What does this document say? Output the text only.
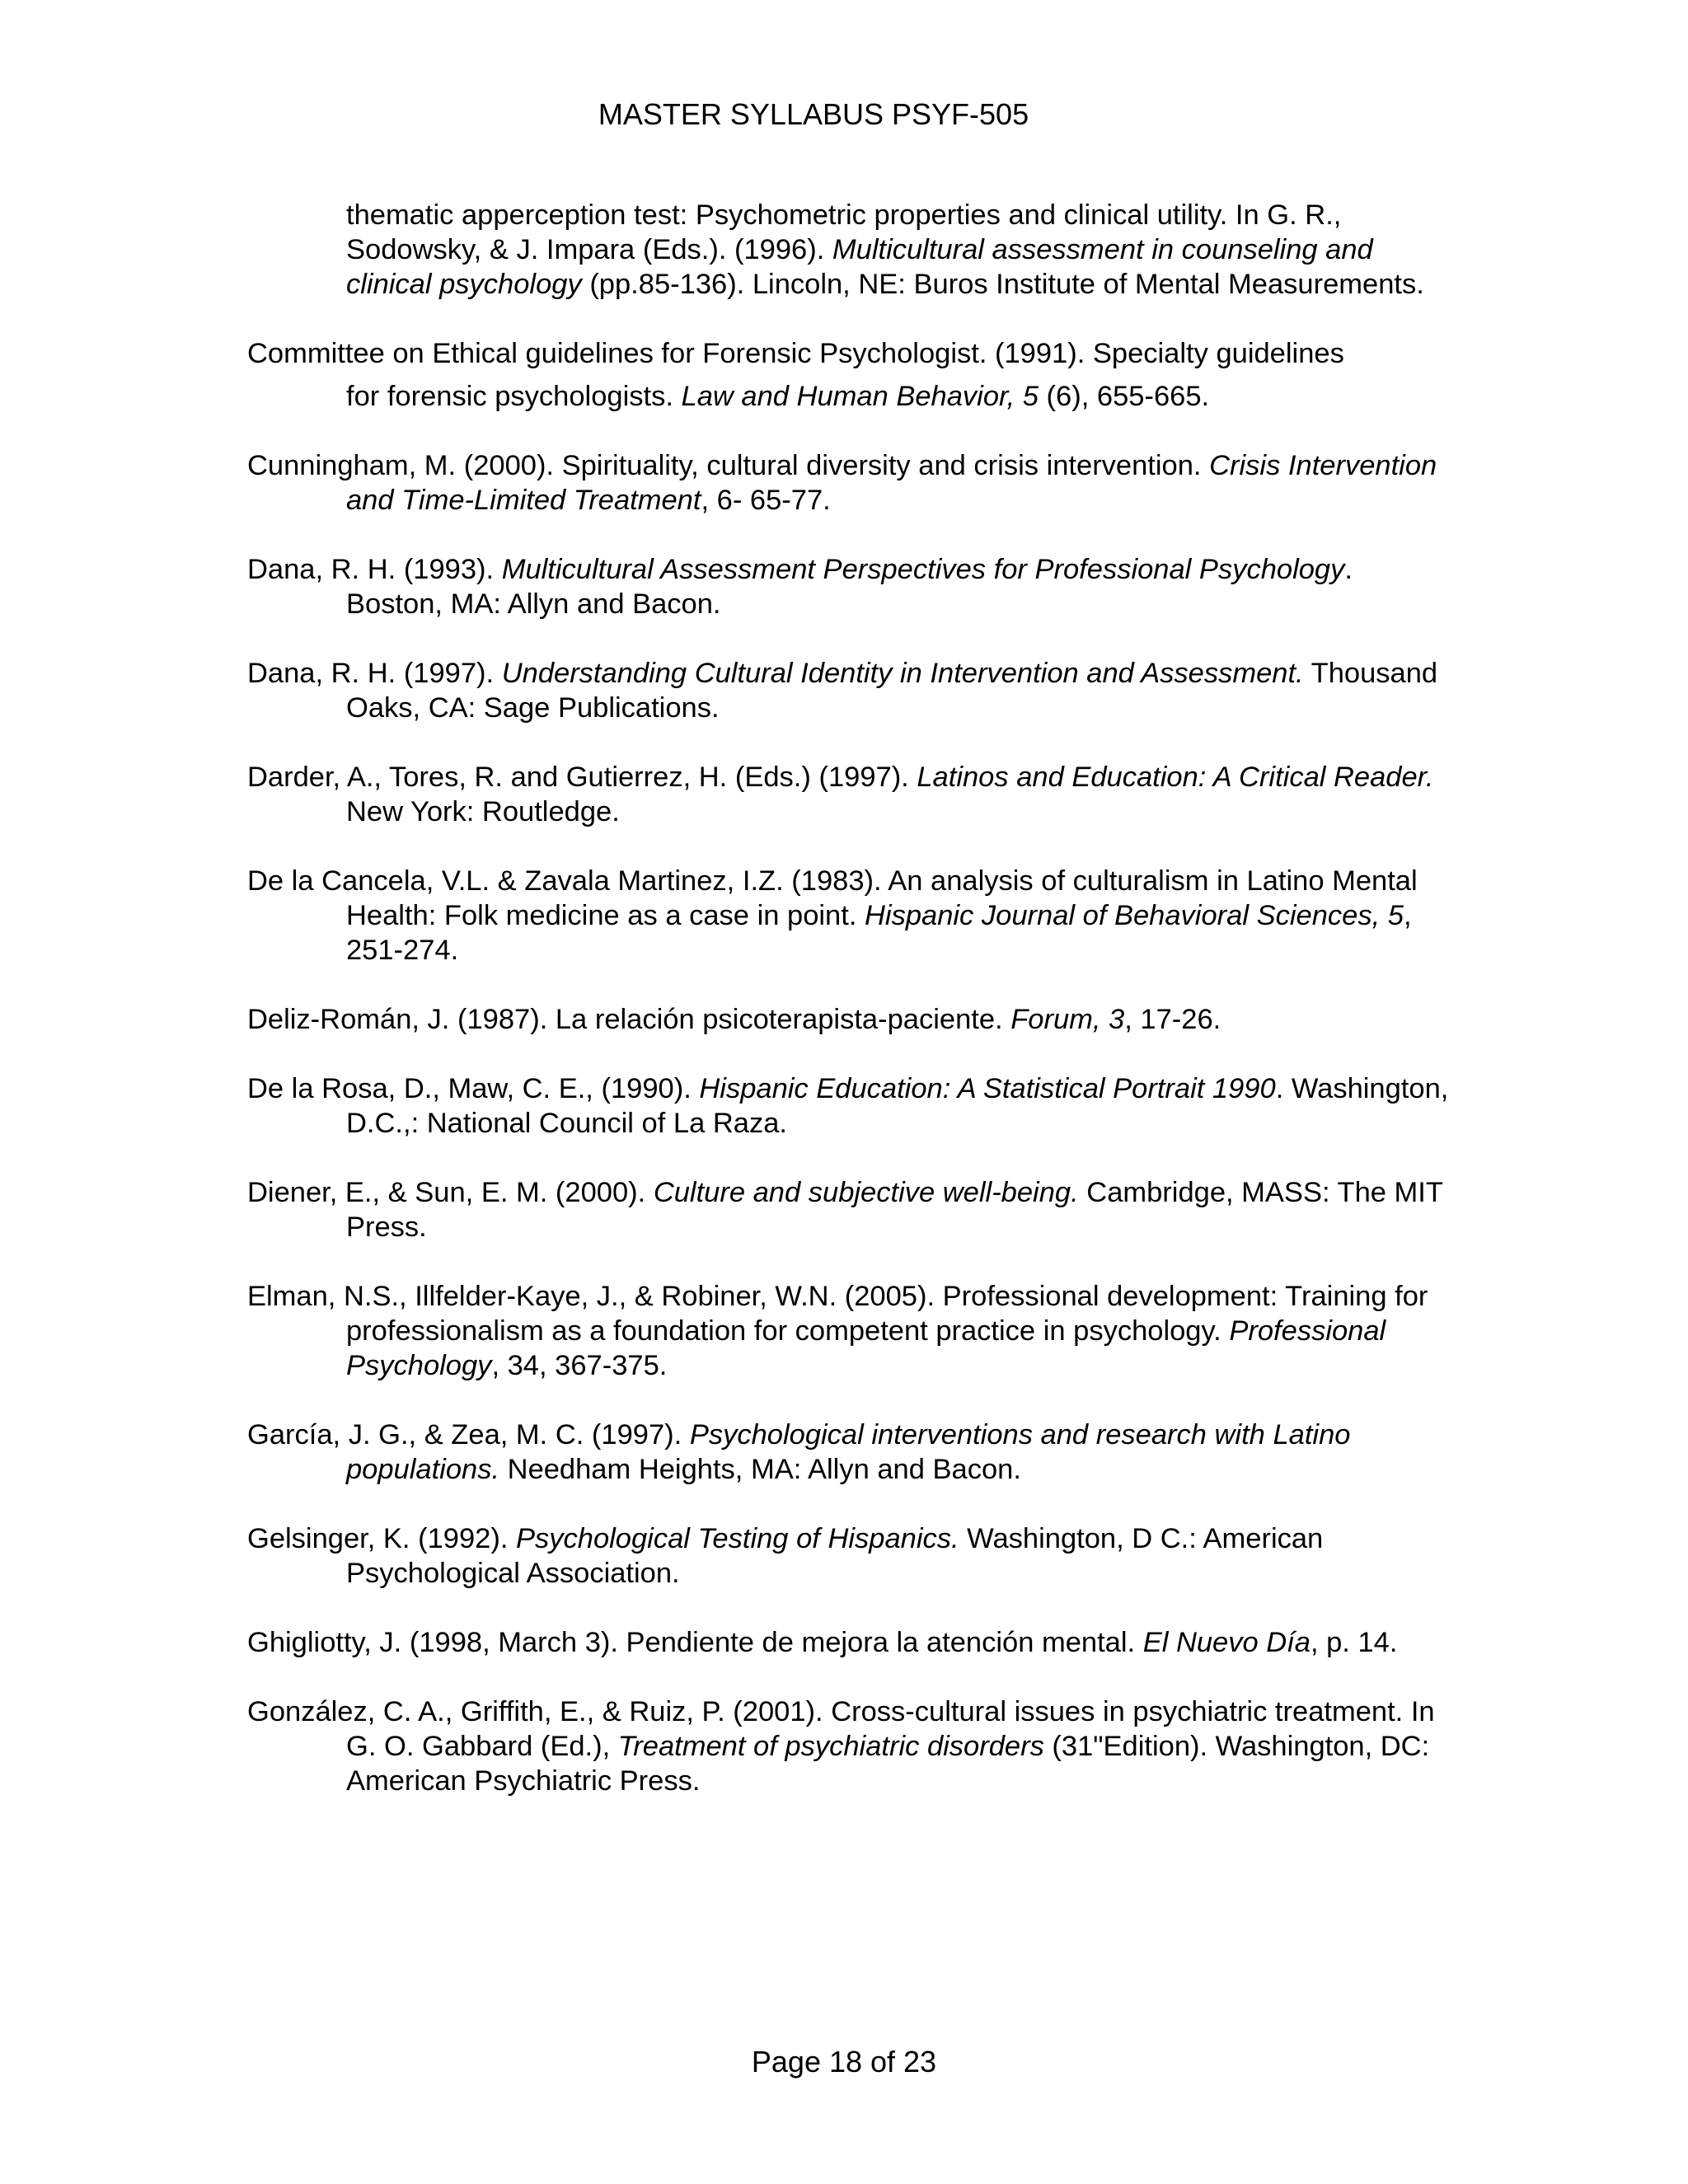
MASTER SYLLABUS PSYF-505

thematic apperception test: Psychometric properties and clinical utility. In G. R., Sodowsky, & J. Impara (Eds.). (1996). Multicultural assessment in counseling and clinical psychology (pp.85-136). Lincoln, NE: Buros Institute of Mental Measurements.

Committee on Ethical guidelines for Forensic Psychologist. (1991). Specialty guidelines
for forensic psychologists. Law and Human Behavior, 5 (6), 655-665.

Cunningham, M. (2000). Spirituality, cultural diversity and crisis intervention. Crisis Intervention and Time-Limited Treatment, 6- 65-77.

Dana, R. H. (1993). Multicultural Assessment Perspectives for Professional Psychology. Boston, MA: Allyn and Bacon.

Dana, R. H. (1997). Understanding Cultural Identity in Intervention and Assessment. Thousand Oaks, CA: Sage Publications.

Darder, A., Tores, R. and Gutierrez, H. (Eds.) (1997). Latinos and Education: A Critical Reader. New York: Routledge.

De la Cancela, V.L. & Zavala Martinez, I.Z. (1983). An analysis of culturalism in Latino Mental Health: Folk medicine as a case in point. Hispanic Journal of Behavioral Sciences, 5, 251-274.

Deliz-Román, J. (1987). La relación psicoterapista-paciente. Forum, 3, 17-26.

De la Rosa, D., Maw, C. E., (1990). Hispanic Education: A Statistical Portrait 1990. Washington, D.C.,: National Council of La Raza.

Diener, E., & Sun, E. M. (2000). Culture and subjective well-being. Cambridge, MASS: The MIT Press.

Elman, N.S., Illfelder-Kaye, J., & Robiner, W.N. (2005). Professional development: Training for professionalism as a foundation for competent practice in psychology. Professional Psychology, 34, 367-375.

García, J. G., & Zea, M. C. (1997). Psychological interventions and research with Latino populations. Needham Heights, MA: Allyn and Bacon.

Gelsinger, K. (1992). Psychological Testing of Hispanics. Washington, D C.: American Psychological Association.

Ghigliotty, J. (1998, March 3). Pendiente de mejora la atención mental. El Nuevo Día, p. 14.

González, C. A., Griffith, E., & Ruiz, P. (2001). Cross-cultural issues in psychiatric treatment. In G. O. Gabbard (Ed.), Treatment of psychiatric disorders (31"Edition). Washington, DC: American Psychiatric Press.

Page 18 of 23
